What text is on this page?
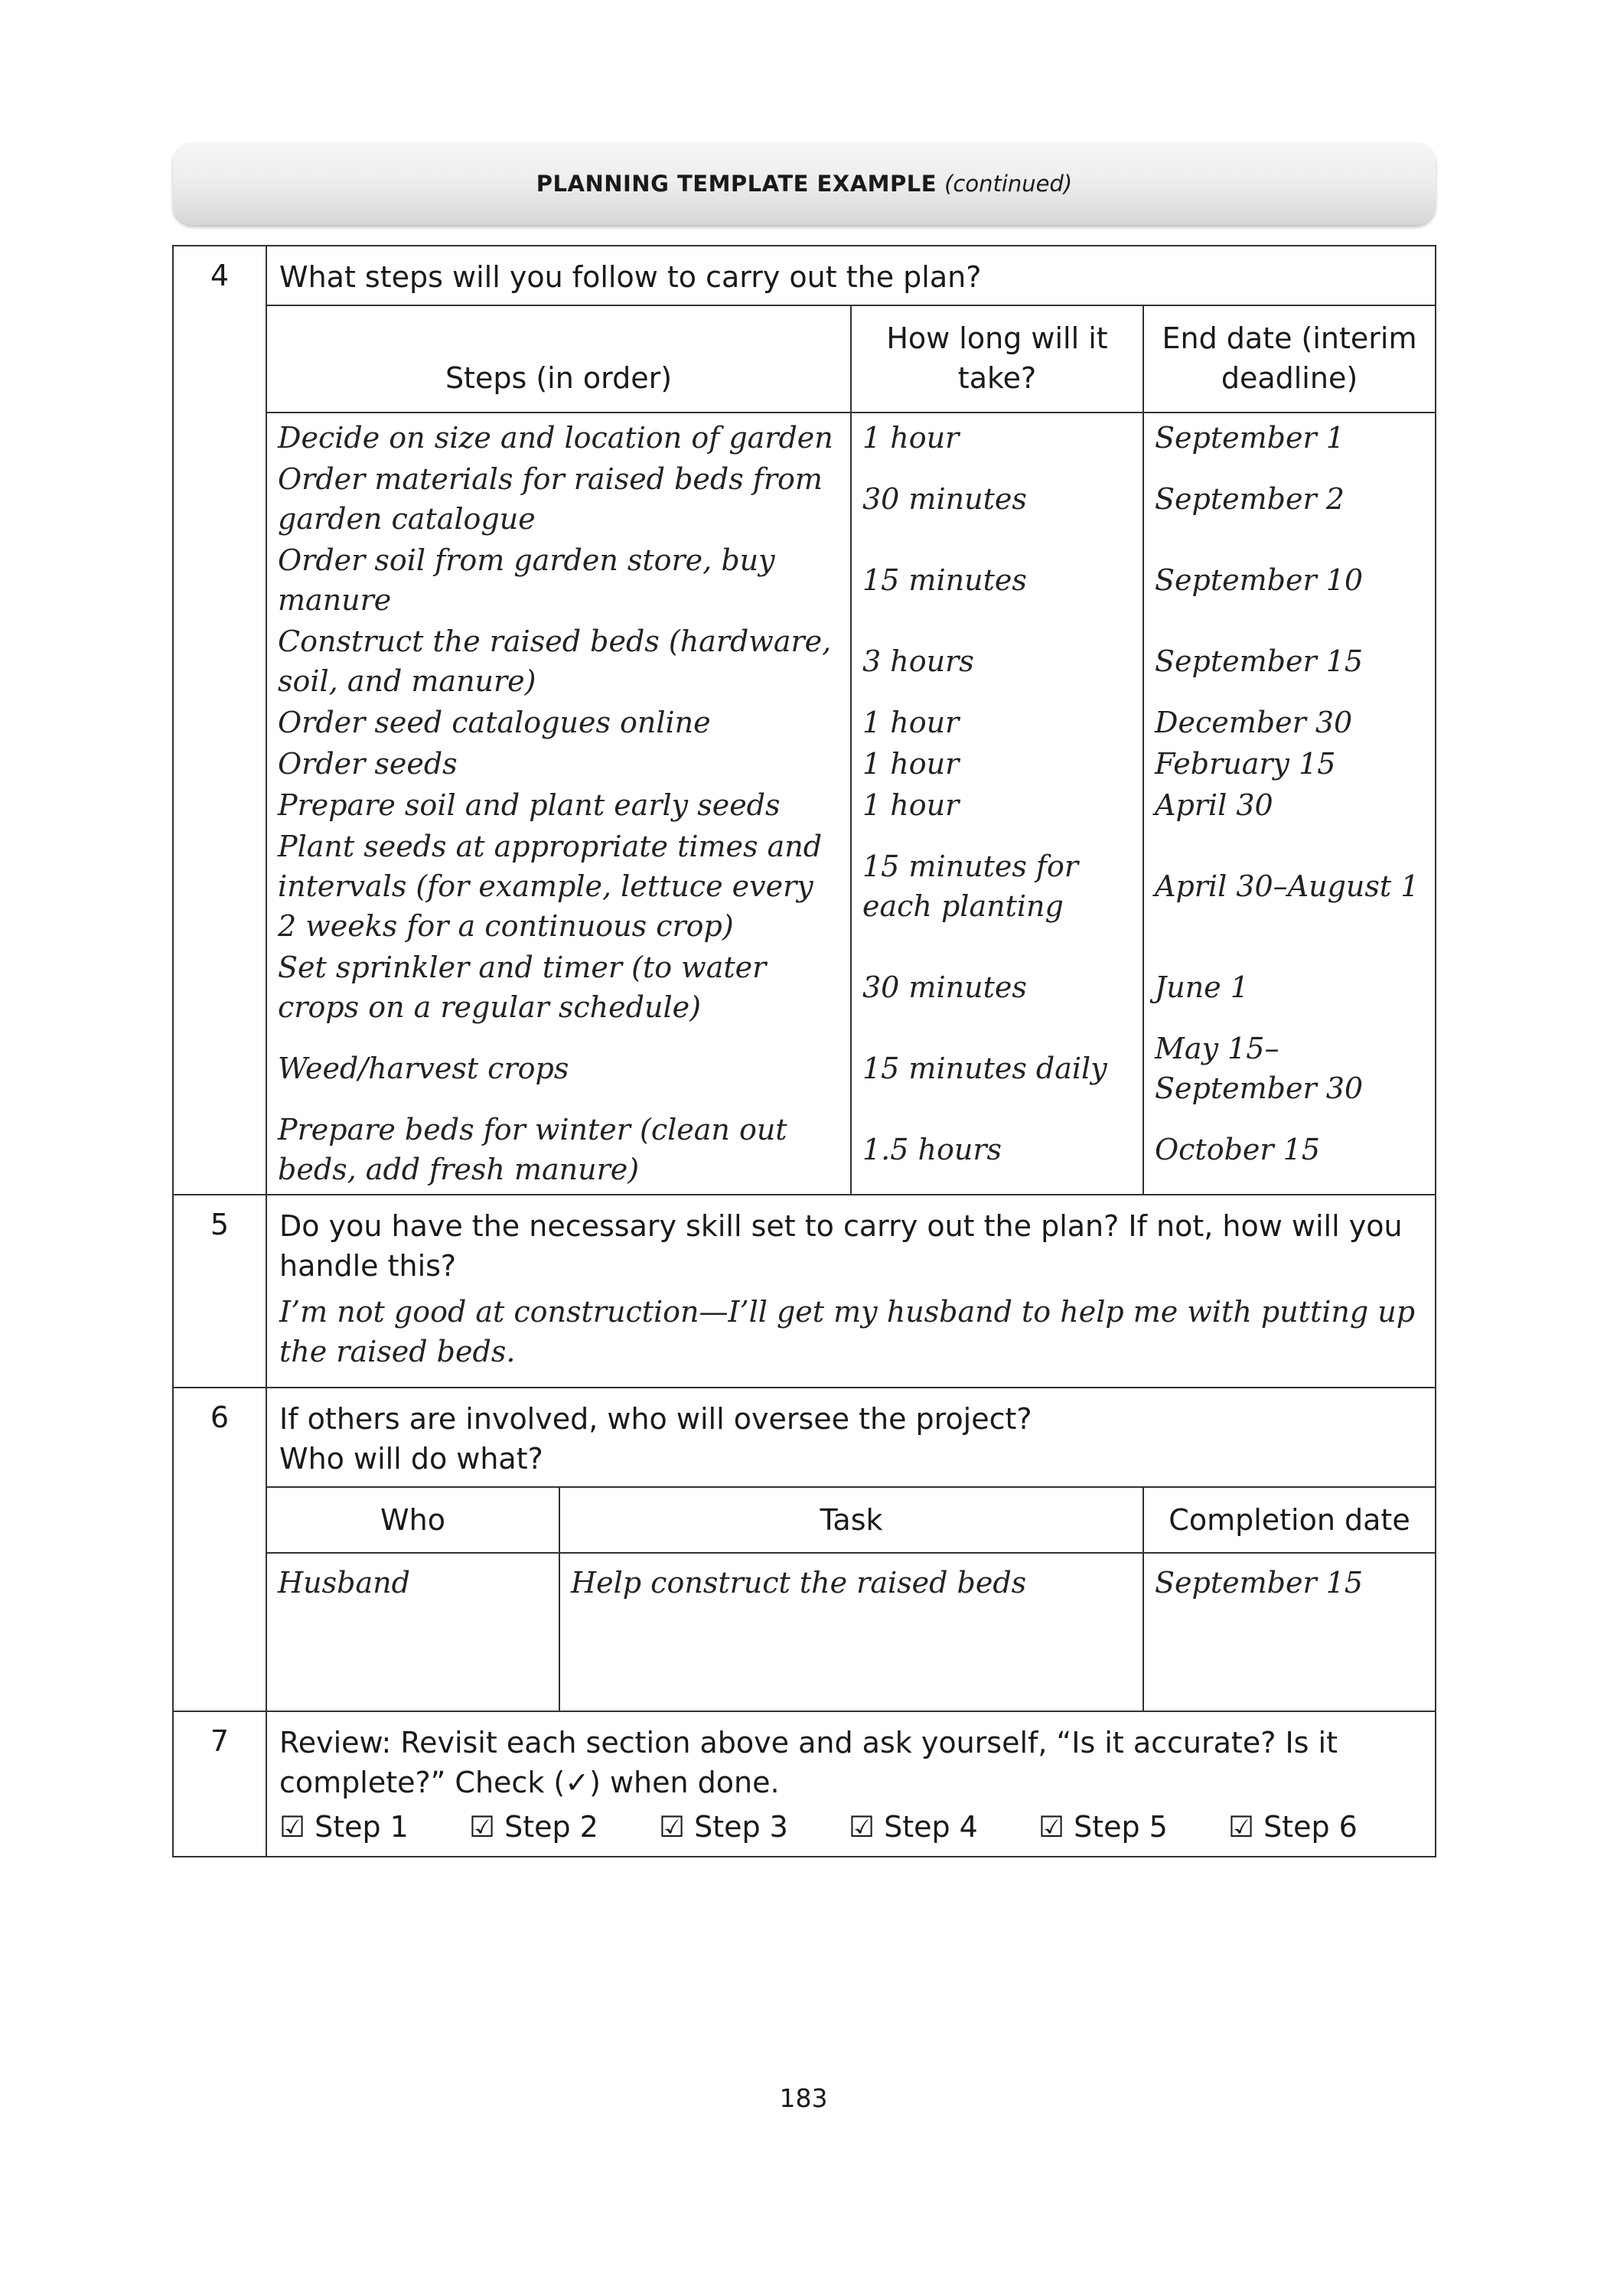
PLANNING TEMPLATE EXAMPLE (continued)
4	What steps will you follow to carry out the plan?
Steps (in order)	How long will it take?	End date (interim deadline)
Decide on size and location of garden	1 hour	September 1
Order materials for raised beds from garden catalogue	30 minutes	September 2
Order soil from garden store, buy manure	15 minutes	September 10
Construct the raised beds (hardware, soil, and manure)	3 hours	September 15
Order seed catalogues online	1 hour	December 30
Order seeds	1 hour	February 15
Prepare soil and plant early seeds	1 hour	April 30
Plant seeds at appropriate times and intervals (for example, lettuce every 2 weeks for a continuous crop)	15 minutes for each planting	April 30–August 1
Set sprinkler and timer (to water crops on a regular schedule)	30 minutes	June 1
Weed/harvest crops	15 minutes daily	May 15–September 30
Prepare beds for winter (clean out beds, add fresh manure)	1.5 hours	October 15

5	Do you have the necessary skill set to carry out the plan? If not, how will you handle this?
I’m not good at construction—I’ll get my husband to help me with putting up the raised beds.

6	If others are involved, who will oversee the project?
Who will do what?
Who	Task	Completion date
Husband	Help construct the raised beds	September 15

7	Review: Revisit each section above and ask yourself, “Is it accurate? Is it complete?” Check (✓) when done.
☑ Step 1	☑ Step 2	☑ Step 3	☑ Step 4	☑ Step 5	☑ Step 6
183
